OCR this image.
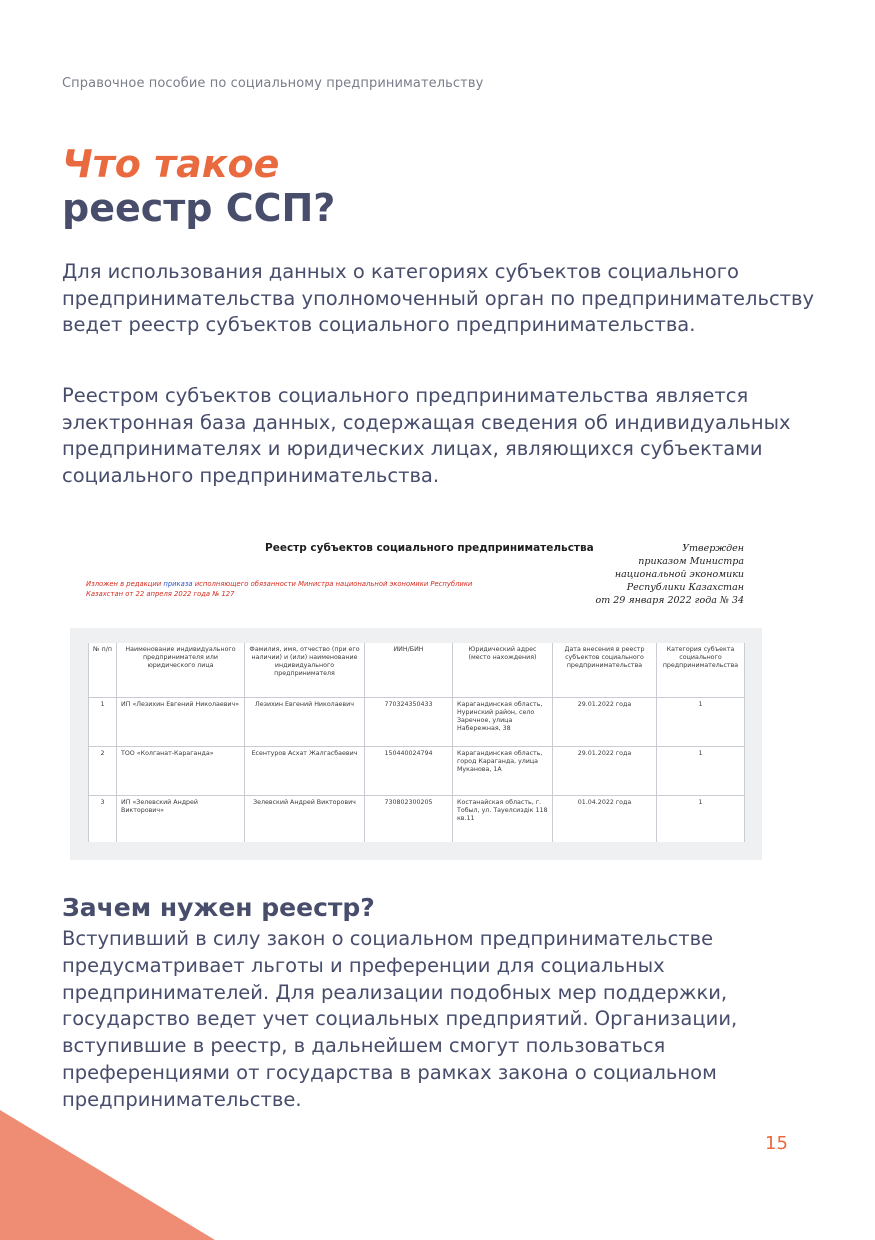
Справочное пособие по социальному предпринимательству
Что такое
реестр ССП?

Для использования данных о категориях субъектов социального предпринимательства уполномоченный орган по предпринимательству ведет реестр субъектов социального предпринимательства.

Реестром субъектов социального предпринимательства является электронная база данных, содержащая сведения об индивидуальных предпринимателях и юридических лицах, являющихся субъектами социального предпринимательства.

Реестр субъектов социального предпринимательства	Утвержден
приказом Министра
национальной экономики
Республики Казахстан
от 29 января 2022 года № 34
Изложен в редакции приказа исполняющего обязанности Министра национальной экономики Республики Казахстан от 22 апреля 2022 года № 127
№ п/п	Наименование индивидуального предпринимателя или юридического лица	Фамилия, имя, отчество (при его наличии) и (или) наименование индивидуального предпринимателя	ИИН/БИН	Юридический адрес (место нахождения)	Дата внесения в реестр субъектов социального предпринимательства	Категория субъекта социального предпринимательства
1	ИП «Лезихин Евгений Николаевич»	Лезихин Евгений Николаевич	770324350433	Карагандинская область, Нуринский район, село Заречное, улица Набережная, 38	29.01.2022 года	1
2	ТОО «Колганат-Караганда»	Есентуров Асхат Жалгасбаевич	150440024794	Карагандинская область, город Караганда, улица Муканова, 1А	29.01.2022 года	1
3	ИП «Зелевский Андрей Викторович»	Зелевский Андрей Викторович	730802300205	Костанайская область, г. Тобыл, ул. Тауелсиздік 118 кв.11	01.04.2022 года	1
Зачем нужен реестр?

Вступивший в силу закон о социальном предпринимательстве предусматривает льготы и преференции для социальных предпринимателей. Для реализации подобных мер поддержки, государство ведет учет социальных предприятий. Организации, вступившие в реестр, в дальнейшем смогут пользоваться преференциями от государства в рамках закона о социальном предпринимательстве.

15
